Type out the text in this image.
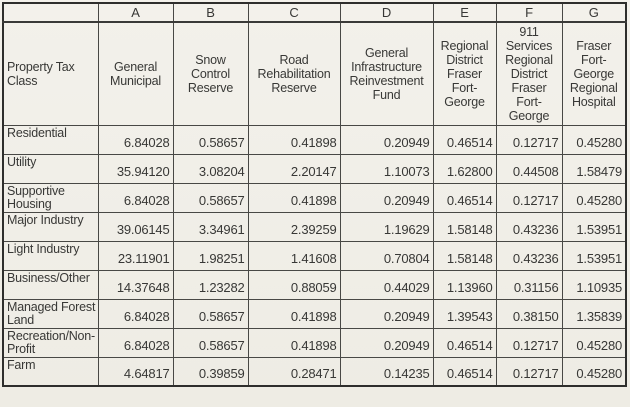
	A	B	C	D	E	F	G
Property Tax Class	General Municipal	Snow Control Reserve	Road Rehabilitation Reserve	General Infrastructure Reinvestment Fund	Regional District Fraser Fort-George	911 Services Regional District Fraser Fort-George	Fraser Fort-George Regional Hospital
Residential	6.84028	0.58657	0.41898	0.20949	0.46514	0.12717	0.45280
Utility	35.94120	3.08204	2.20147	1.10073	1.62800	0.44508	1.58479
Supportive Housing	6.84028	0.58657	0.41898	0.20949	0.46514	0.12717	0.45280
Major Industry	39.06145	3.34961	2.39259	1.19629	1.58148	0.43236	1.53951
Light Industry	23.11901	1.98251	1.41608	0.70804	1.58148	0.43236	1.53951
Business/Other	14.37648	1.23282	0.88059	0.44029	1.13960	0.31156	1.10935
Managed Forest Land	6.84028	0.58657	0.41898	0.20949	1.39543	0.38150	1.35839
Recreation/Non-Profit	6.84028	0.58657	0.41898	0.20949	0.46514	0.12717	0.45280
Farm	4.64817	0.39859	0.28471	0.14235	0.46514	0.12717	0.45280
